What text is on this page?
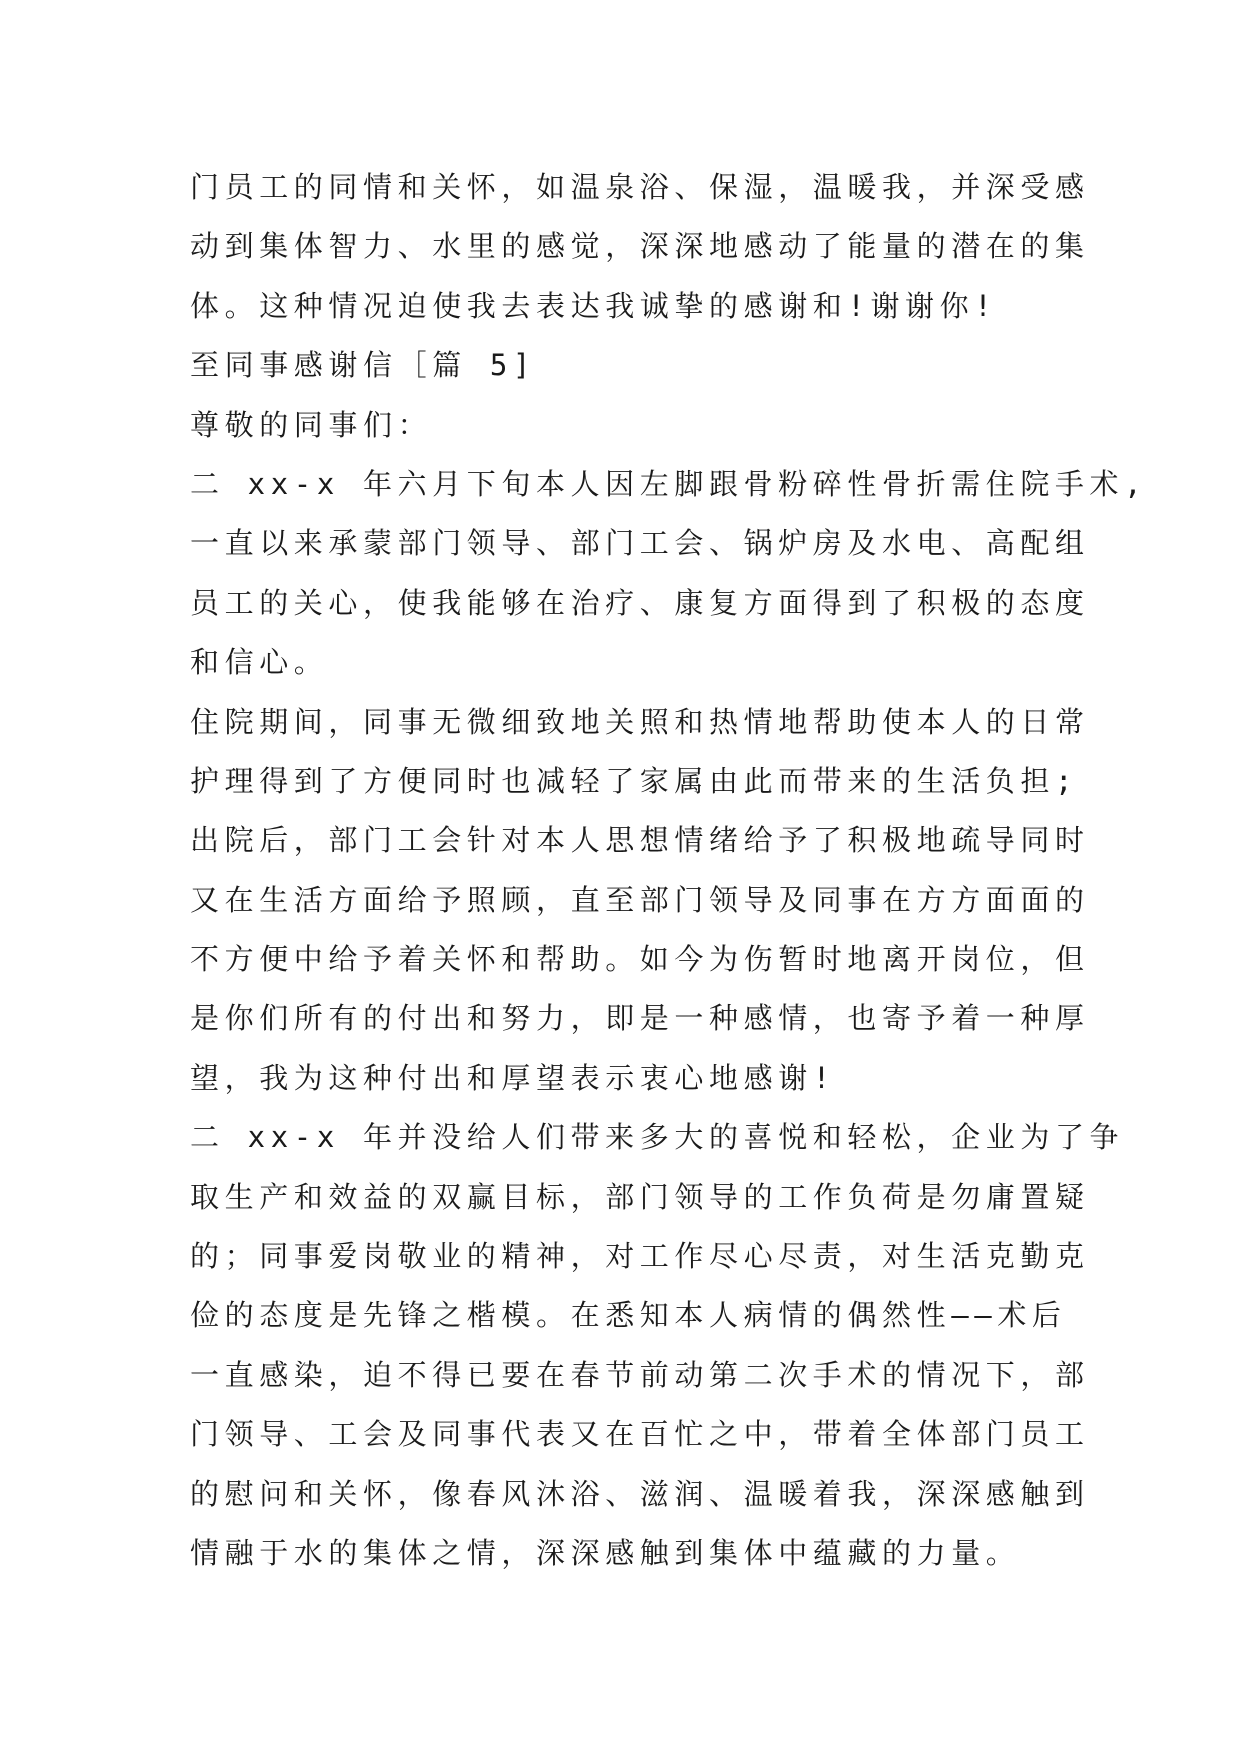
门员工的同情和关怀，如温泉浴、保湿，温暖我，并深受感
动到集体智力、水里的感觉，深深地感动了能量的潜在的集
体。这种情况迫使我去表达我诚挚的感谢和!谢谢你!
至同事感谢信［篇 5]
尊敬的同事们：
二 xx-x 年六月下旬本人因左脚跟骨粉碎性骨折需住院手术,
一直以来承蒙部门领导、部门工会、锅炉房及水电、高配组
员工的关心，使我能够在治疗、康复方面得到了积极的态度
和信心。
住院期间，同事无微细致地关照和热情地帮助使本人的日常
护理得到了方便同时也减轻了家属由此而带来的生活负担;
出院后，部门工会针对本人思想情绪给予了积极地疏导同时
又在生活方面给予照顾，直至部门领导及同事在方方面面的
不方便中给予着关怀和帮助。如今为伤暂时地离开岗位，但
是你们所有的付出和努力，即是一种感情，也寄予着一种厚
望，我为这种付出和厚望表示衷心地感谢!
二 xx-x 年并没给人们带来多大的喜悦和轻松，企业为了争
取生产和效益的双赢目标，部门领导的工作负荷是勿庸置疑
的；同事爱岗敬业的精神，对工作尽心尽责，对生活克勤克
俭的态度是先锋之楷模。在悉知本人病情的偶然性——术后
一直感染，迫不得已要在春节前动第二次手术的情况下，部
门领导、工会及同事代表又在百忙之中，带着全体部门员工
的慰问和关怀，像春风沐浴、滋润、温暖着我，深深感触到
情融于水的集体之情，深深感触到集体中蕴藏的力量。
